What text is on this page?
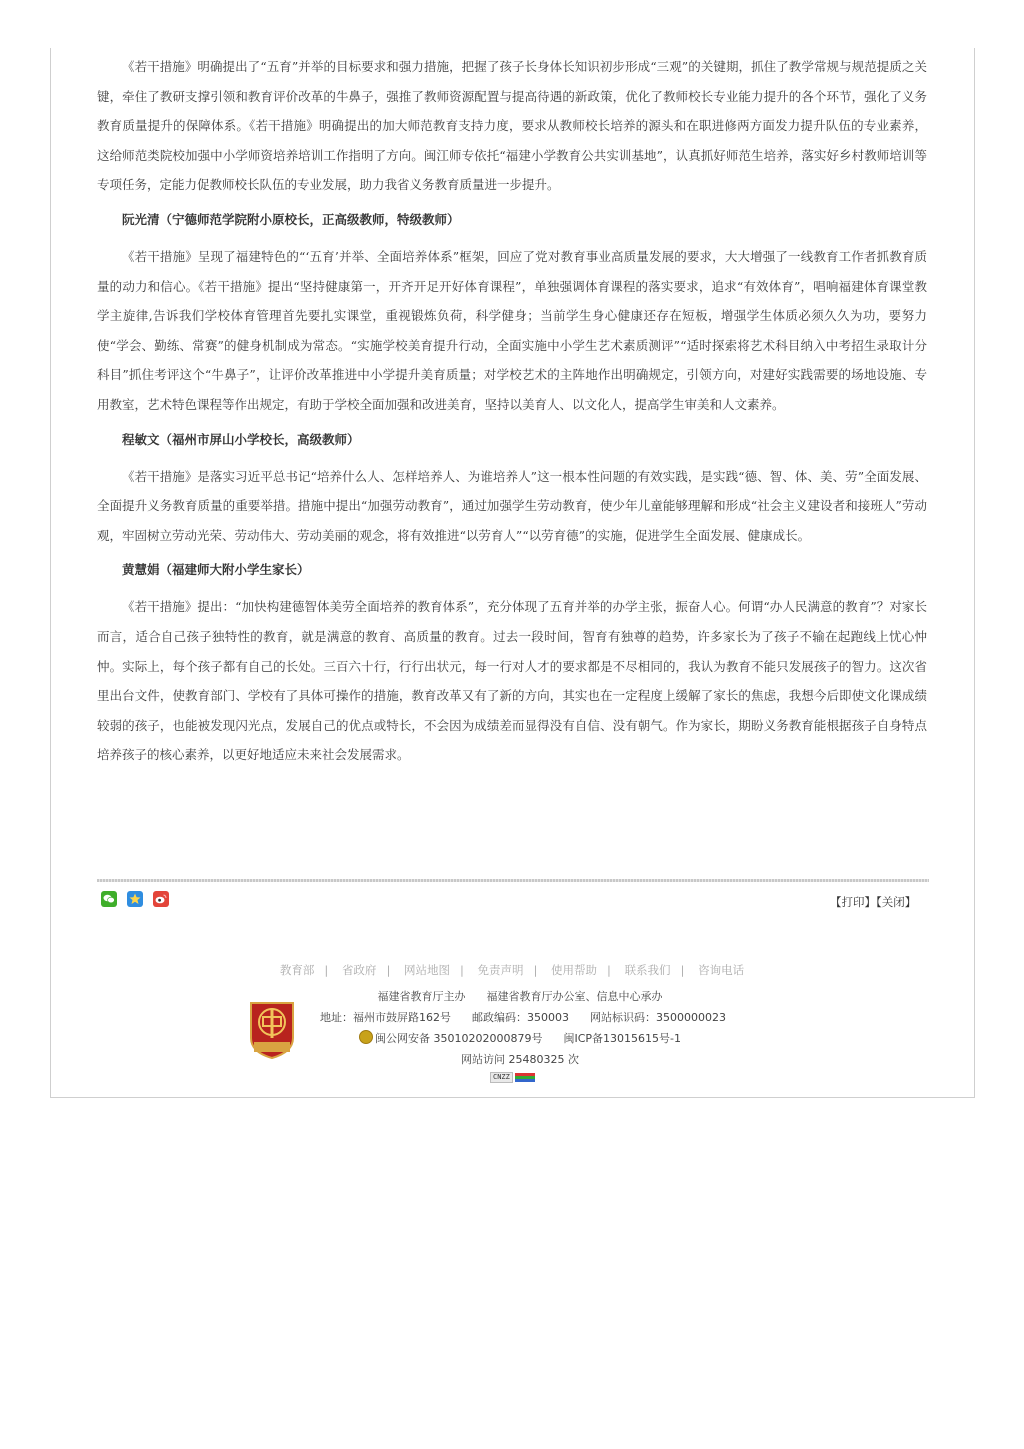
《若干措施》明确提出了“五育”并举的目标要求和强力措施，把握了孩子长身体长知识初步形成“三观”的关键期，抓住了教学常规与规范提质之关键，牵住了教研支撑引领和教育评价改革的牛鼻子，强推了教师资源配置与提高待遇的新政策，优化了教师校长专业能力提升的各个环节，强化了义务教育质量提升的保障体系。《若干措施》明确提出的加大师范教育支持力度，要求从教师校长培养的源头和在职进修两方面发力提升队伍的专业素养，这给师范类院校加强中小学师资培养培训工作指明了方向。闽江师专依托“福建小学教育公共实训基地”，认真抓好师范生培养，落实好乡村教师培训等专项任务，定能力促教师校长队伍的专业发展，助力我省义务教育质量进一步提升。

阮光清（宁德师范学院附小原校长，正高级教师，特级教师）

《若干措施》呈现了福建特色的“‘五育’并举、全面培养体系”框架，回应了党对教育事业高质量发展的要求，大大增强了一线教育工作者抓教育质量的动力和信心。《若干措施》提出“坚持健康第一，开齐开足开好体育课程”，单独强调体育课程的落实要求，追求“有效体育”，唱响福建体育课堂教学主旋律,告诉我们学校体育管理首先要扎实课堂，重视锻炼负荷，科学健身；当前学生身心健康还存在短板，增强学生体质必须久久为功，要努力使“学会、勤练、常赛”的健身机制成为常态。“实施学校美育提升行动，全面实施中小学生艺术素质测评”“适时探索将艺术科目纳入中考招生录取计分科目”抓住考评这个“牛鼻子”，让评价改革推进中小学提升美育质量；对学校艺术的主阵地作出明确规定，引领方向，对建好实践需要的场地设施、专用教室，艺术特色课程等作出规定，有助于学校全面加强和改进美育，坚持以美育人、以文化人，提高学生审美和人文素养。

程敏文（福州市屏山小学校长，高级教师）

《若干措施》是落实习近平总书记“培养什么人、怎样培养人、为谁培养人”这一根本性问题的有效实践，是实践“德、智、体、美、劳”全面发展、全面提升义务教育质量的重要举措。措施中提出“加强劳动教育”，通过加强学生劳动教育，使少年儿童能够理解和形成“社会主义建设者和接班人”劳动观，牢固树立劳动光荣、劳动伟大、劳动美丽的观念，将有效推进“以劳育人”“以劳育德”的实施，促进学生全面发展、健康成长。

黄慧娟（福建师大附小学生家长）

《若干措施》提出：“加快构建德智体美劳全面培养的教育体系”，充分体现了五育并举的办学主张，振奋人心。何谓“办人民满意的教育”？对家长而言，适合自己孩子独特性的教育，就是满意的教育、高质量的教育。过去一段时间，智育有独尊的趋势，许多家长为了孩子不输在起跑线上忧心忡忡。实际上，每个孩子都有自己的长处。三百六十行，行行出状元，每一行对人才的要求都是不尽相同的，我认为教育不能只发展孩子的智力。这次省里出台文件，使教育部门、学校有了具体可操作的措施，教育改革又有了新的方向，其实也在一定程度上缓解了家长的焦虑，我想今后即使文化课成绩较弱的孩子，也能被发现闪光点，发展自己的优点或特长，不会因为成绩差而显得没有自信、没有朝气。作为家长，期盼义务教育能根据孩子自身特点培养孩子的核心素养，以更好地适应未来社会发展需求。

【打印】【关闭】
教育部 | 省政府 | 网站地图 | 免责声明 | 使用帮助 | 联系我们 | 咨询电话
福建省教育厅主办 福建省教育厅办公室、信息中心承办
地址：福州市鼓屏路162号 邮政编码：350003 网站标识码：3500000023
闽公网安备 35010202000879号 闽ICP备13015615号-1
网站访问 25480325 次
CNZZ
